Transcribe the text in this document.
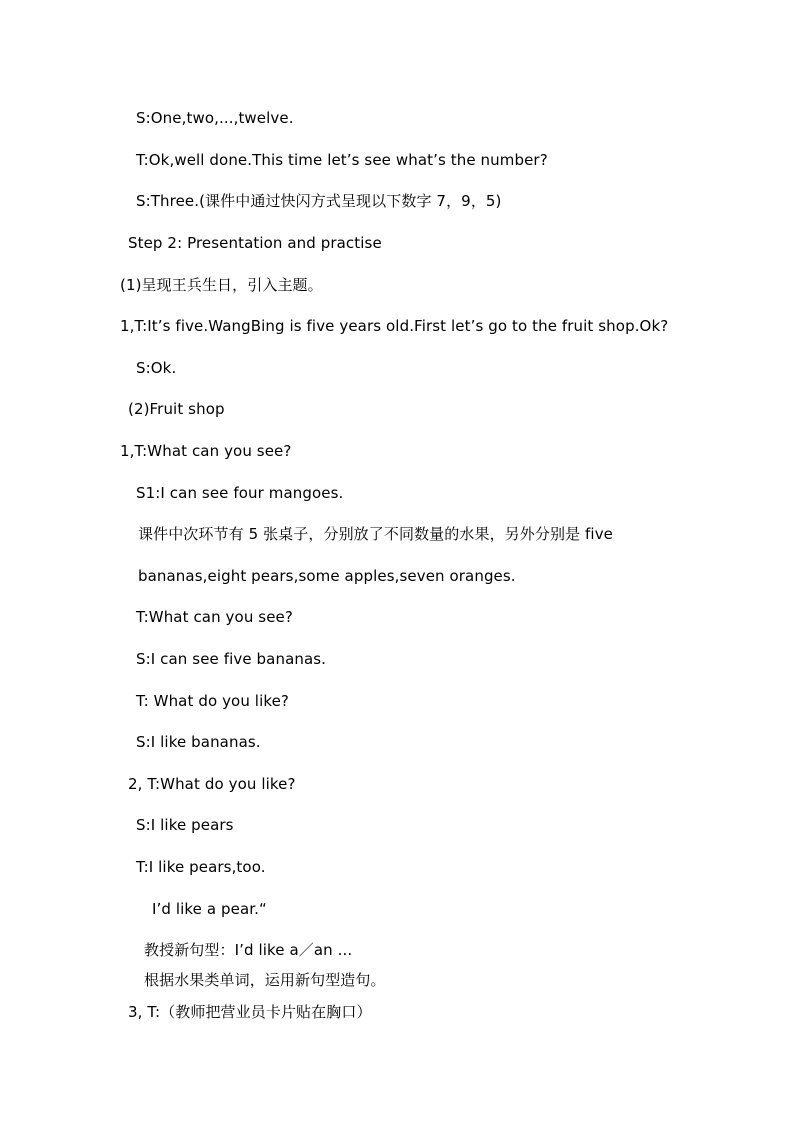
S:One,two,...,twelve.
T:Ok,well done.This time let’s see what’s the number?
S:Three.(课件中通过快闪方式呈现以下数字 7，9，5)
Step 2: Presentation and practise
(1)呈现王兵生日，引入主题。
1,T:It’s five.WangBing is five years old.First let’s go to the fruit shop.Ok?
S:Ok.
(2)Fruit shop
1,T:What can you see?
S1:I can see four mangoes.
课件中次环节有 5 张桌子，分别放了不同数量的水果，另外分别是 five
bananas,eight pears,some apples,seven oranges.
T:What can you see?
S:I can see five bananas.
T: What do you like?
S:I like bananas.
2, T:What do you like?
S:I like pears
T:I like pears,too.
I’d like a pear.“
教授新句型：I’d like a／an ...
根据水果类单词，运用新句型造句。
3, T:（教师把营业员卡片贴在胸口）
